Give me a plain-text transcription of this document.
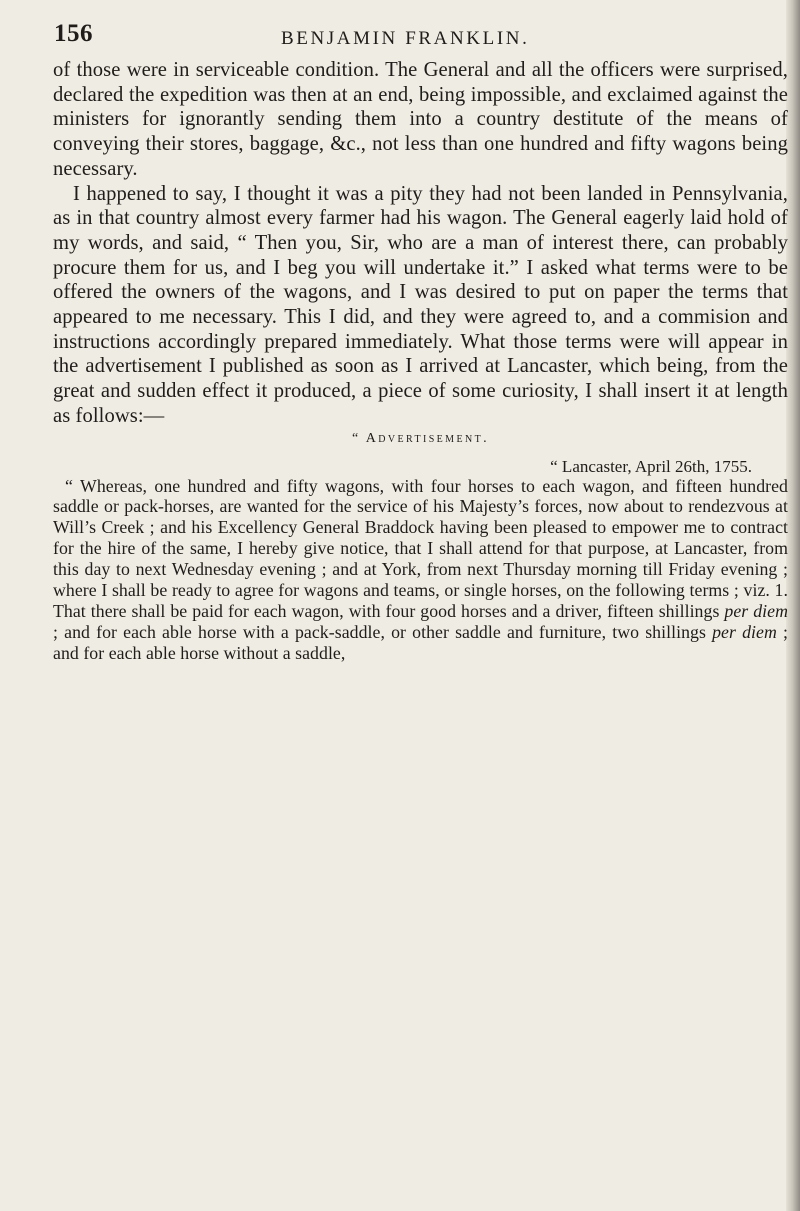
156	BENJAMIN FRANKLIN.

of those were in serviceable condition. The General and all the officers were surprised, declared the expedition was then at an end, being impossible, and exclaimed against the ministers for ignorantly sending them into a country destitute of the means of conveying their stores, baggage, &c., not less than one hundred and fifty wagons being necessary.

I happened to say, I thought it was a pity they had not been landed in Pennsylvania, as in that country almost every farmer had his wagon. The General eagerly laid hold of my words, and said, “ Then you, Sir, who are a man of interest there, can probably procure them for us, and I beg you will undertake it.” I asked what terms were to be offered the owners of the wagons, and I was desired to put on paper the terms that appeared to me necessary. This I did, and they were agreed to, and a commision and instructions accordingly prepared immediately. What those terms were will appear in the advertisement I published as soon as I arrived at Lancaster, which being, from the great and sudden effect it produced, a piece of some curiosity, I shall insert it at length as follows:—

“ Advertisement.

“ Lancaster, April 26th, 1755.

“ Whereas, one hundred and fifty wagons, with four horses to each wagon, and fifteen hundred saddle or pack-horses, are wanted for the service of his Majesty’s forces, now about to rendezvous at Will’s Creek ; and his Excellency General Braddock having been pleased to empower me to contract for the hire of the same, I hereby give notice, that I shall attend for that purpose, at Lancaster, from this day to next Wednesday evening ; and at York, from next Thursday morning till Friday evening ; where I shall be ready to agree for wagons and teams, or single horses, on the following terms ; viz. 1. That there shall be paid for each wagon, with four good horses and a driver, fifteen shillings per diem ; and for each able horse with a pack-saddle, or other saddle and furniture, two shillings per diem ; and for each able horse without a saddle,
